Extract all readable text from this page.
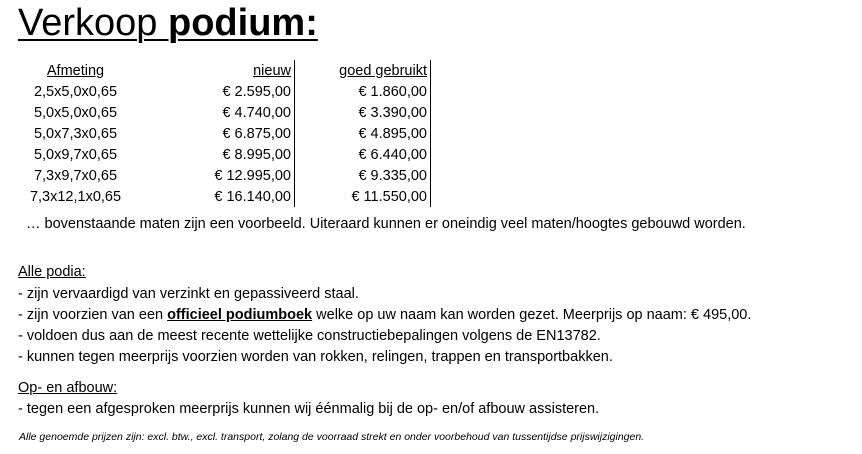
Verkoop podium:
Afmeting	nieuw	goed gebruikt
2,5x5,0x0,65	€ 2.595,00	€ 1.860,00
5,0x5,0x0,65	€ 4.740,00	€ 3.390,00
5,0x7,3x0,65	€ 6.875,00	€ 4.895,00
5,0x9,7x0,65	€ 8.995,00	€ 6.440,00
7,3x9,7x0,65	€ 12.995,00	€ 9.335,00
7,3x12,1x0,65	€ 16.140,00	€ 11.550,00
… bovenstaande maten zijn een voorbeeld. Uiteraard kunnen er oneindig veel maten/hoogtes gebouwd worden.
Alle podia:
- zijn vervaardigd van verzinkt en gepassiveerd staal.
- zijn voorzien van een officieel podiumboek welke op uw naam kan worden gezet. Meerprijs op naam: € 495,00.
- voldoen dus aan de meest recente wettelijke constructiebepalingen volgens de EN13782.
- kunnen tegen meerprijs voorzien worden van rokken, relingen, trappen en transportbakken.
Op- en afbouw:
- tegen een afgesproken meerprijs kunnen wij éénmalig bij de op- en/of afbouw assisteren.
Alle genoemde prijzen zijn: excl. btw., excl. transport, zolang de voorraad strekt en onder voorbehoud van tussentijdse prijswijzigingen.
